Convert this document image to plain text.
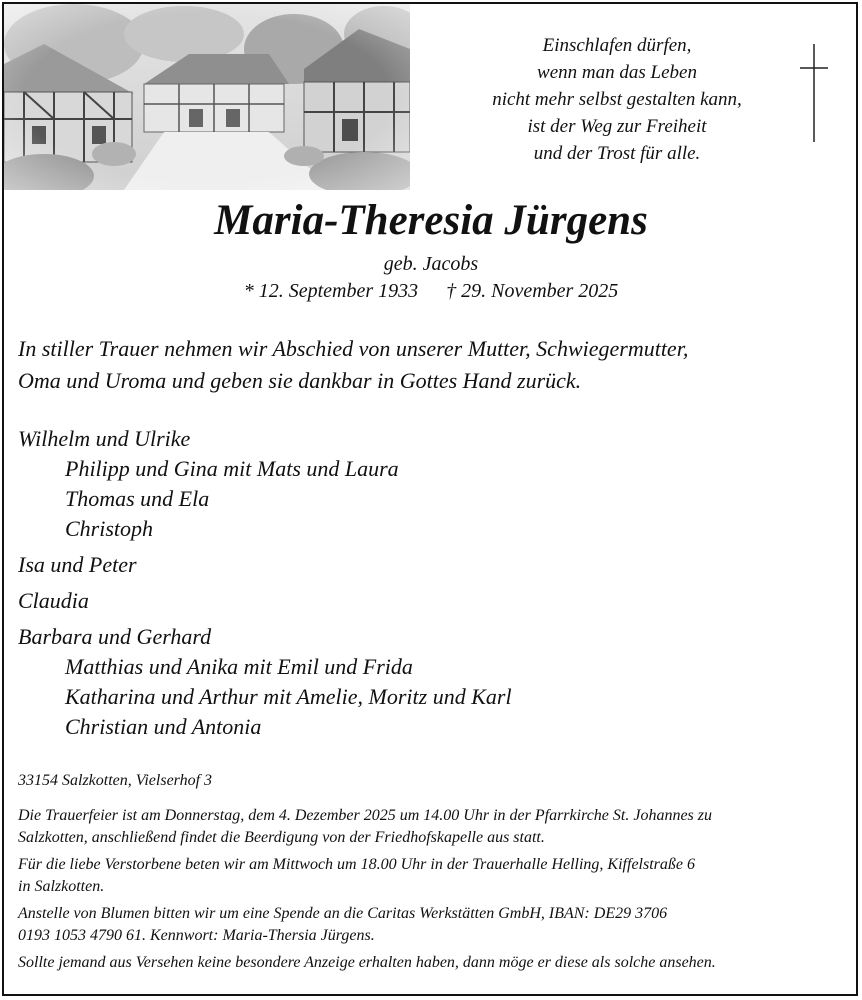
Einschlafen dürfen,
wenn man das Leben
nicht mehr selbst gestalten kann,
ist der Weg zur Freiheit
und der Trost für alle.
Maria-Theresia Jürgens
geb. Jacobs
* 12. September 1933 † 29. November 2025
In stiller Trauer nehmen wir Abschied von unserer Mutter, Schwiegermutter,
Oma und Uroma und geben sie dankbar in Gottes Hand zurück.
Wilhelm und Ulrike
Philipp und Gina mit Mats und Laura
Thomas und Ela
Christoph
Isa und Peter
Claudia
Barbara und Gerhard
Matthias und Anika mit Emil und Frida
Katharina und Arthur mit Amelie, Moritz und Karl
Christian und Antonia
33154 Salzkotten, Vielserhof 3

Die Trauerfeier ist am Donnerstag, dem 4. Dezember 2025 um 14.00 Uhr in der Pfarrkirche St. Johannes zu
Salzkotten, anschließend findet die Beerdigung von der Friedhofskapelle aus statt.

Für die liebe Verstorbene beten wir am Mittwoch um 18.00 Uhr in der Trauerhalle Helling, Kiffelstraße 6
in Salzkotten.

Anstelle von Blumen bitten wir um eine Spende an die Caritas Werkstätten GmbH, IBAN: DE29 3706
0193 1053 4790 61. Kennwort: Maria-Thersia Jürgens.

Sollte jemand aus Versehen keine besondere Anzeige erhalten haben, dann möge er diese als solche ansehen.
